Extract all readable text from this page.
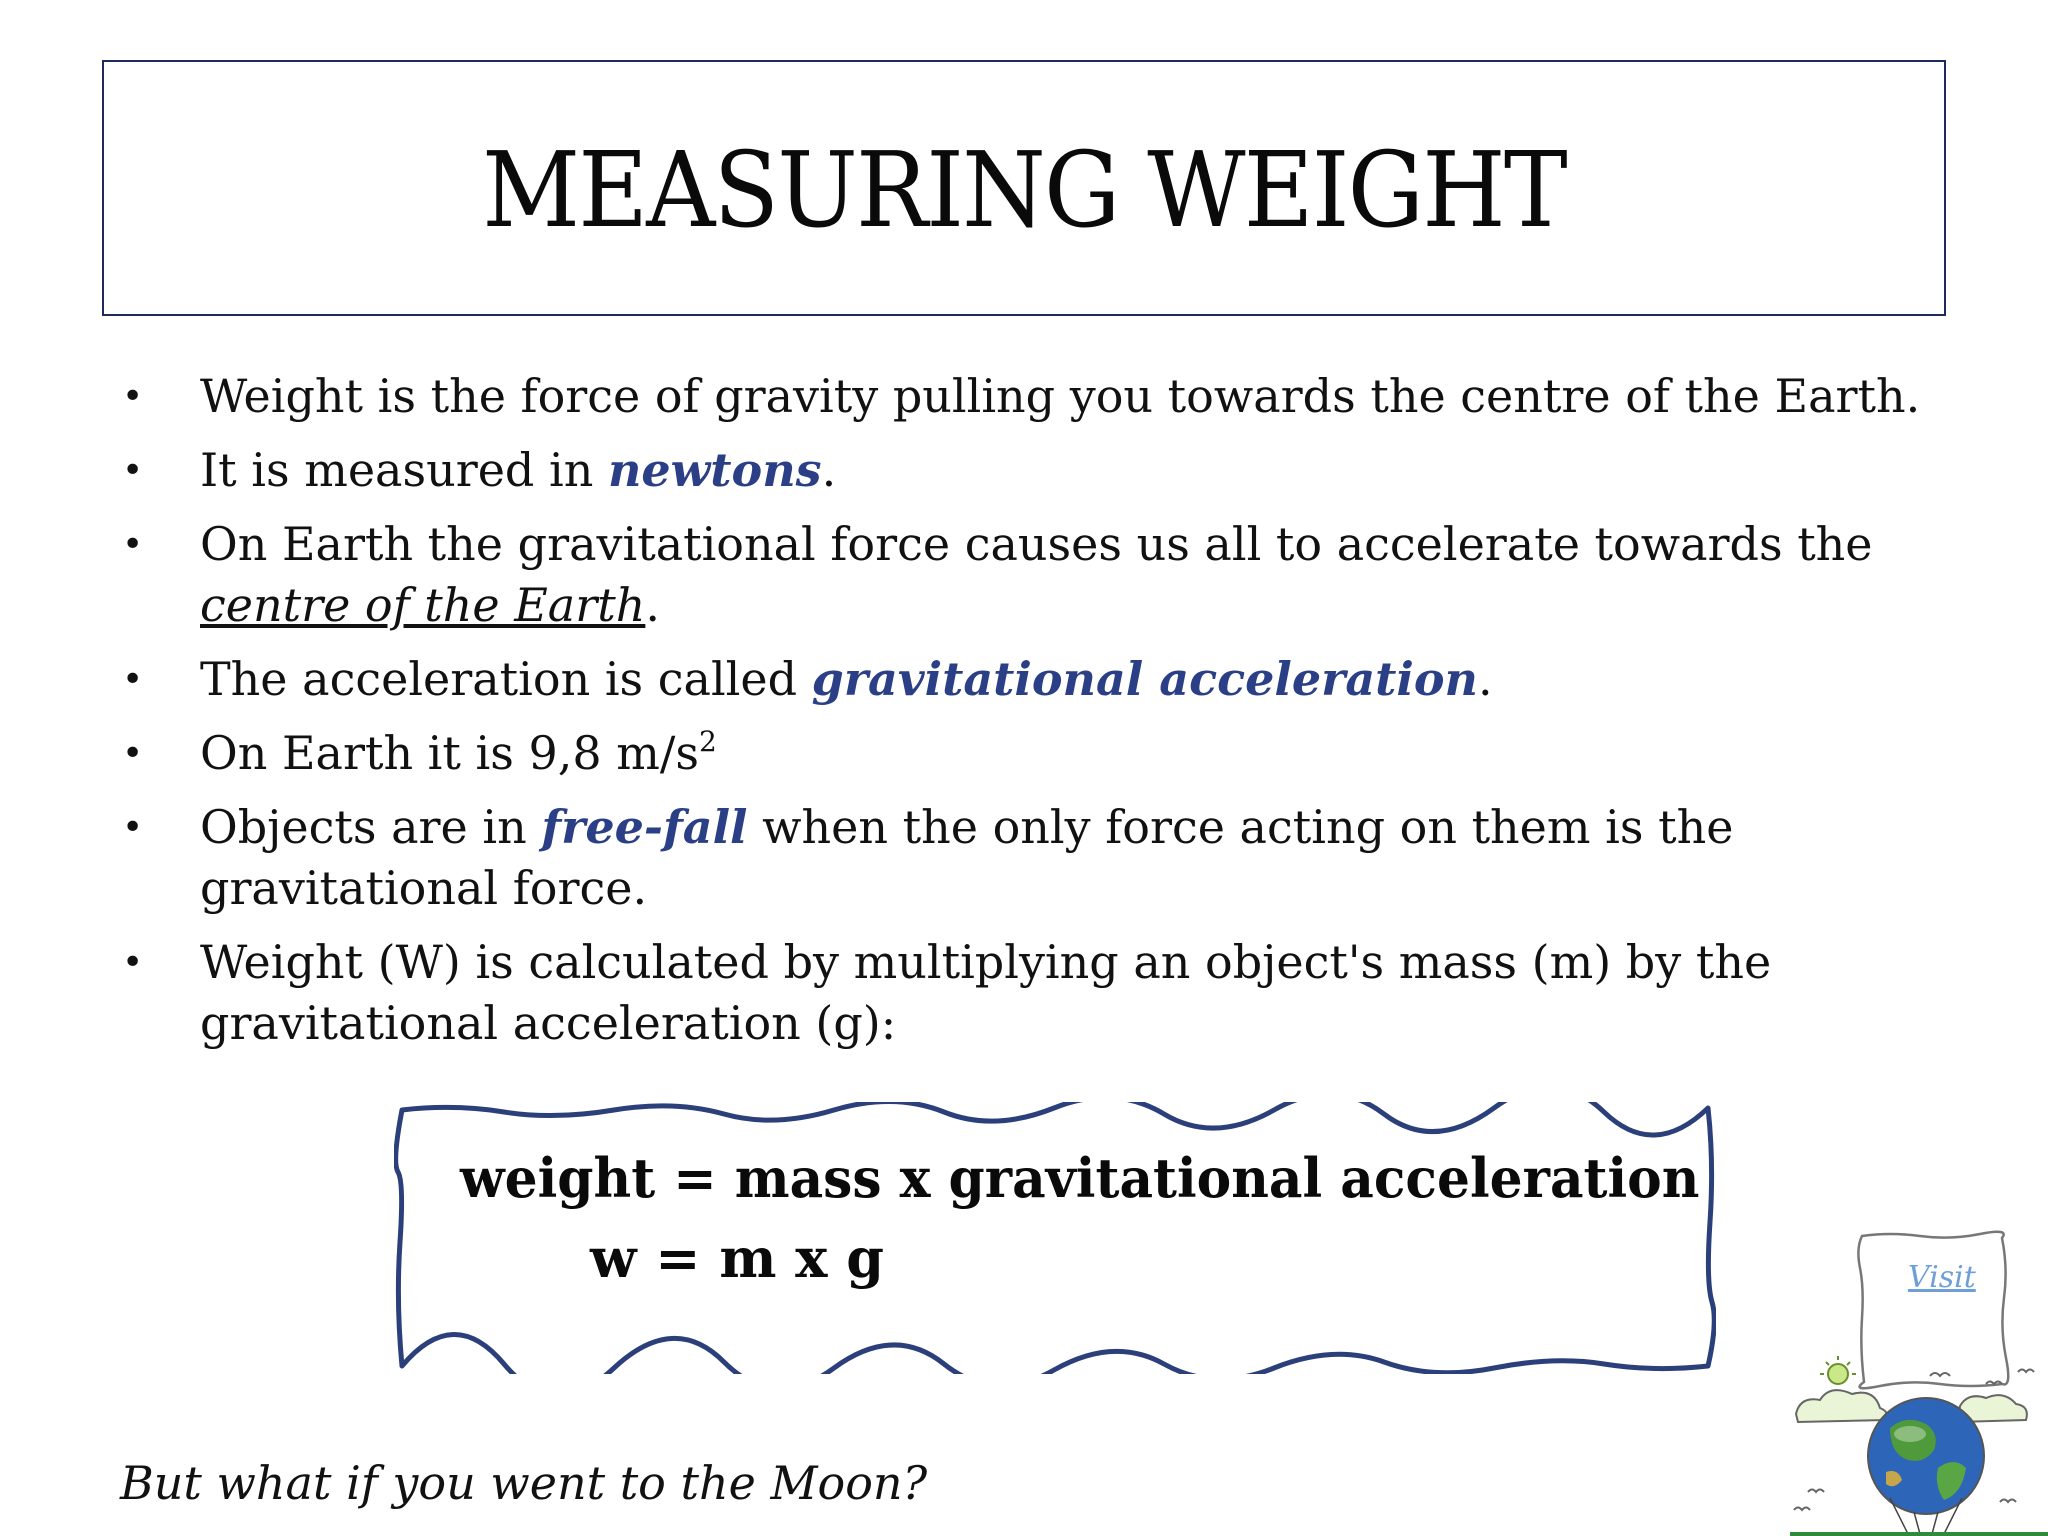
MEASURING WEIGHT
• Weight is the force of gravity pulling you towards the centre of the Earth.
• It is measured in newtons.
• On Earth the gravitational force causes us all to accelerate towards the centre of the Earth.
• The acceleration is called gravitational acceleration.
• On Earth it is 9,8 $m/s^2$
• Objects are in free-fall when the only force acting on them is the gravitational force.
• Weight (W) is calculated by multiplying an object's mass (m) by the gravitational acceleration (g):
weight = mass x gravitational acceleration
w = m x g
But what if you went to the Moon?
Visit
